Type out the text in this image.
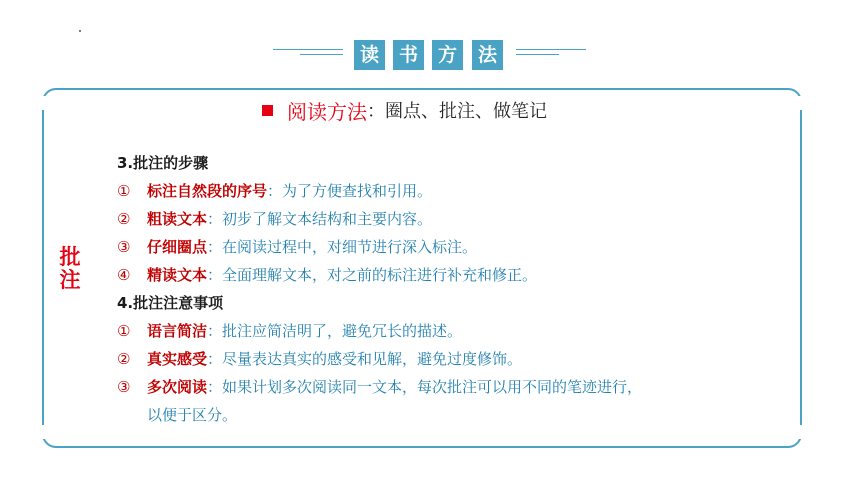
读	书	方	法
阅读方法 ： 圈点、批注、做笔记
批
注
3.批注的步骤
①	标注自然段的序号 ： 为了方便查找和引用。
②	粗读文本 ： 初步了解文本结构和主要内容。
③	仔细圈点 ： 在阅读过程中，对细节进行深入标注。
④	精读文本 ： 全面理解文本，对之前的标注进行补充和修正。
4.批注注意事项
①	语言简洁 ： 批注应简洁明了，避免冗长的描述。
②	真实感受 ： 尽量表达真实的感受和见解，避免过度修饰。
③	多次阅读 ： 如果计划多次阅读同一文本，每次批注可以用不同的笔迹进行，
以便于区分。
